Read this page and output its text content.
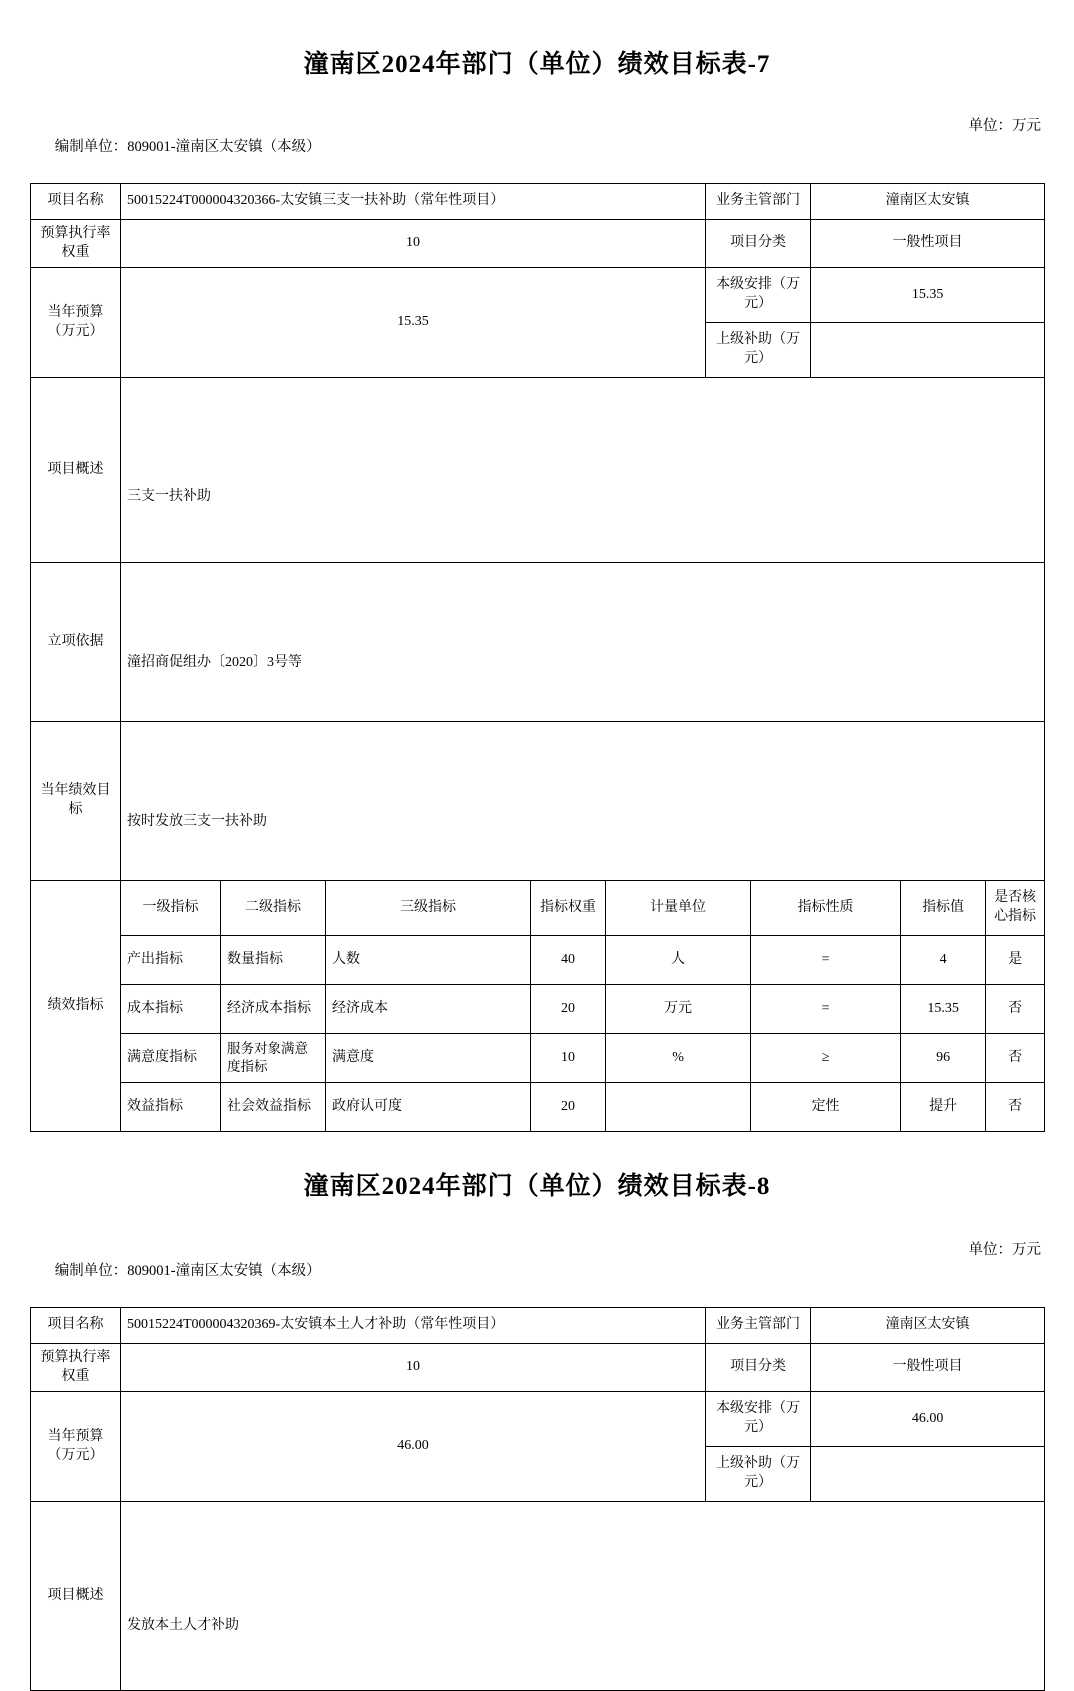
潼南区2024年部门（单位）绩效目标表-7

编制单位：809001-潼南区太安镇（本级）

单位：万元
项目名称	50015224T000004320366-太安镇三支一扶补助（常年性项目）					业务主管部门		潼南区太安镇		
预算执行率权重	10					项目分类		一般性项目		
当年预算（万元）	15.35					本级安排（万元）		15.35		
						上级补助（万元）				
项目概述	三支一扶补助									
立项依据	潼招商促组办〔2020〕3号等									
当年绩效目标	按时发放三支一扶补助									
绩效指标	一级指标	二级指标	三级指标	指标权重	计量单位		指标性质		指标值	是否核心指标
	产出指标	数量指标	人数	40	人		=		4	是
	成本指标	经济成本指标	经济成本	20	万元		=		15.35	否
	满意度指标	服务对象满意度指标	满意度	10	%		≥		96	否
	效益指标	社会效益指标	政府认可度	20			定性		提升	否
潼南区2024年部门（单位）绩效目标表-8

编制单位：809001-潼南区太安镇（本级）

单位：万元
项目名称	50015224T000004320369-太安镇本土人才补助（常年性项目）	业务主管部门	潼南区太安镇
预算执行率权重	10	项目分类	一般性项目
当年预算（万元）	46.00	本级安排（万元）	46.00
		上级补助（万元）	
项目概述	发放本土人才补助		
